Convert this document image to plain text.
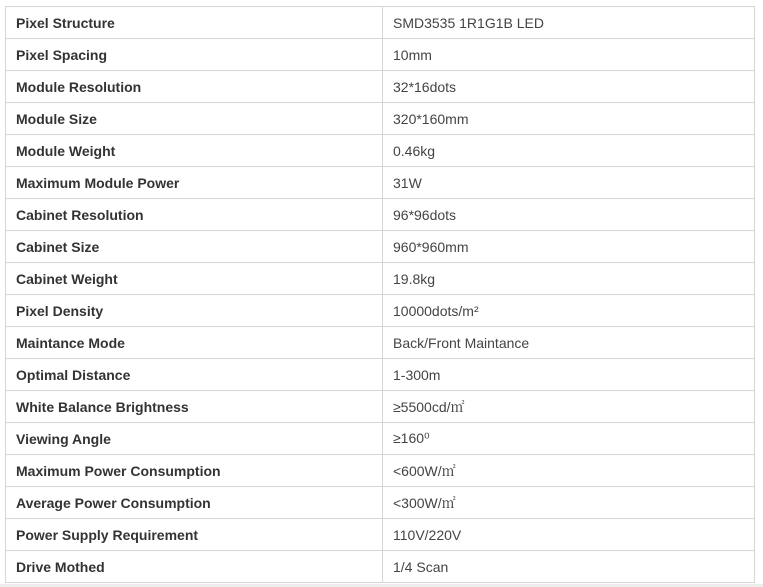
Pixel Structure	SMD3535 1R1G1B LED
Pixel Spacing	10mm
Module Resolution	32*16dots
Module Size	320*160mm
Module Weight	0.46kg
Maximum Module Power	31W
Cabinet Resolution	96*96dots
Cabinet Size	960*960mm
Cabinet Weight	19.8kg
Pixel Density	10000dots/m²
Maintance Mode	Back/Front Maintance
Optimal Distance	1-300m
White Balance Brightness	≥5500cd/㎡
Viewing Angle	≥160⁰
Maximum Power Consumption	<600W/㎡
Average Power Consumption	<300W/㎡
Power Supply Requirement	110V/220V
Drive Mothed	1/4 Scan
